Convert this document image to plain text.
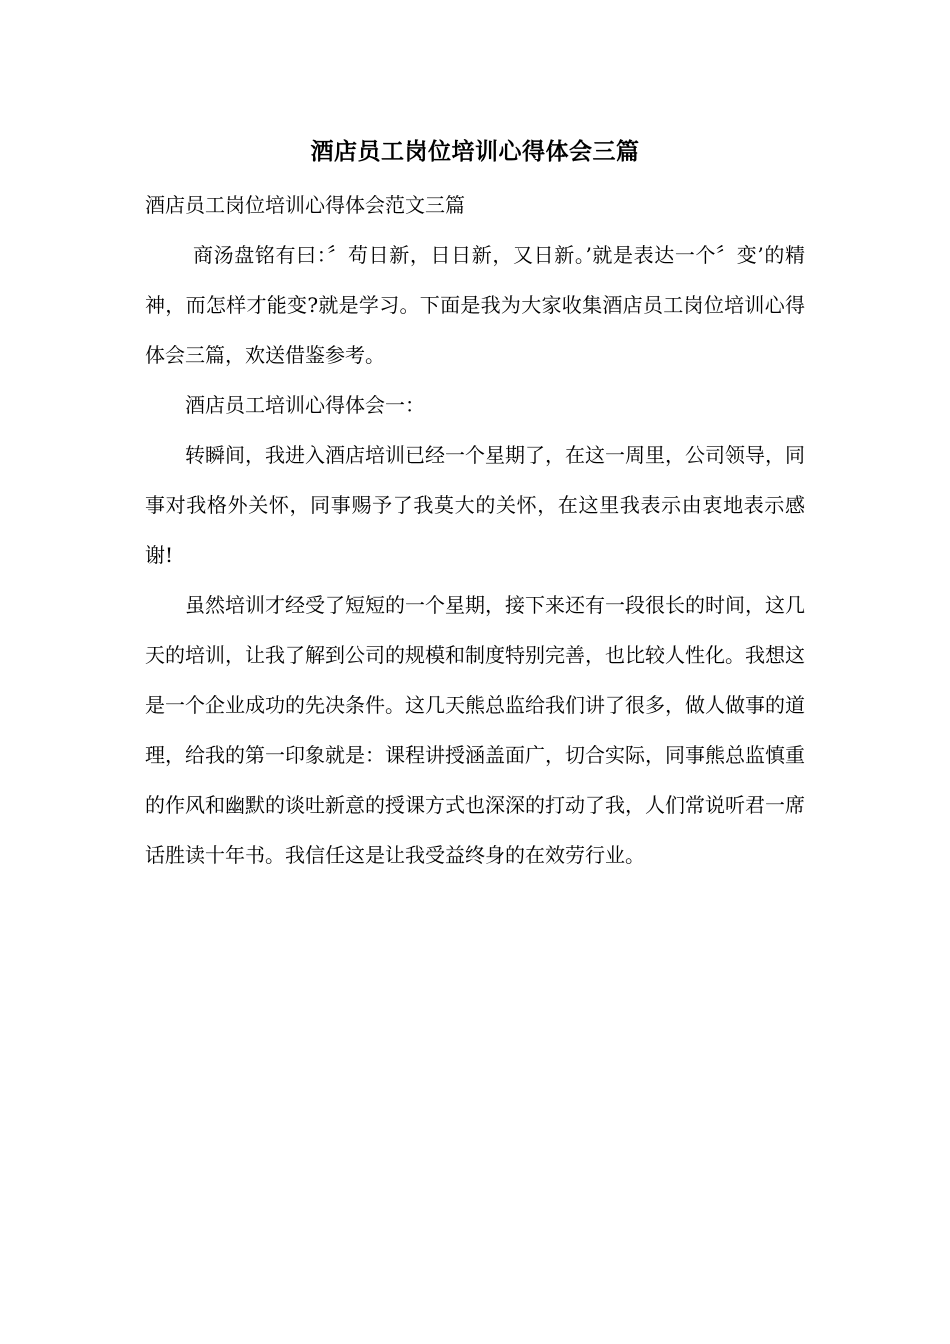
酒店员工岗位培训心得体会三篇

酒店员工岗位培训心得体会范文三篇

商汤盘铭有曰：〞苟日新，日日新，又日新。’就是表达一个〞变’的精神，而怎样才能变?就是学习。下面是我为大家收集酒店员工岗位培训心得体会三篇，欢送借鉴参考。

酒店员工培训心得体会一：

转瞬间，我进入酒店培训已经一个星期了，在这一周里，公司领导，同事对我格外关怀，同事赐予了我莫大的关怀，在这里我表示由衷地表示感谢!

虽然培训才经受了短短的一个星期，接下来还有一段很长的时间，这几天的培训，让我了解到公司的规模和制度特别完善，也比较人性化。我想这是一个企业成功的先决条件。这几天熊总监给我们讲了很多，做人做事的道理，给我的第一印象就是：课程讲授涵盖面广，切合实际，同事熊总监慎重的作风和幽默的谈吐新意的授课方式也深深的打动了我，人们常说听君一席话胜读十年书。我信任这是让我受益终身的在效劳行业。
